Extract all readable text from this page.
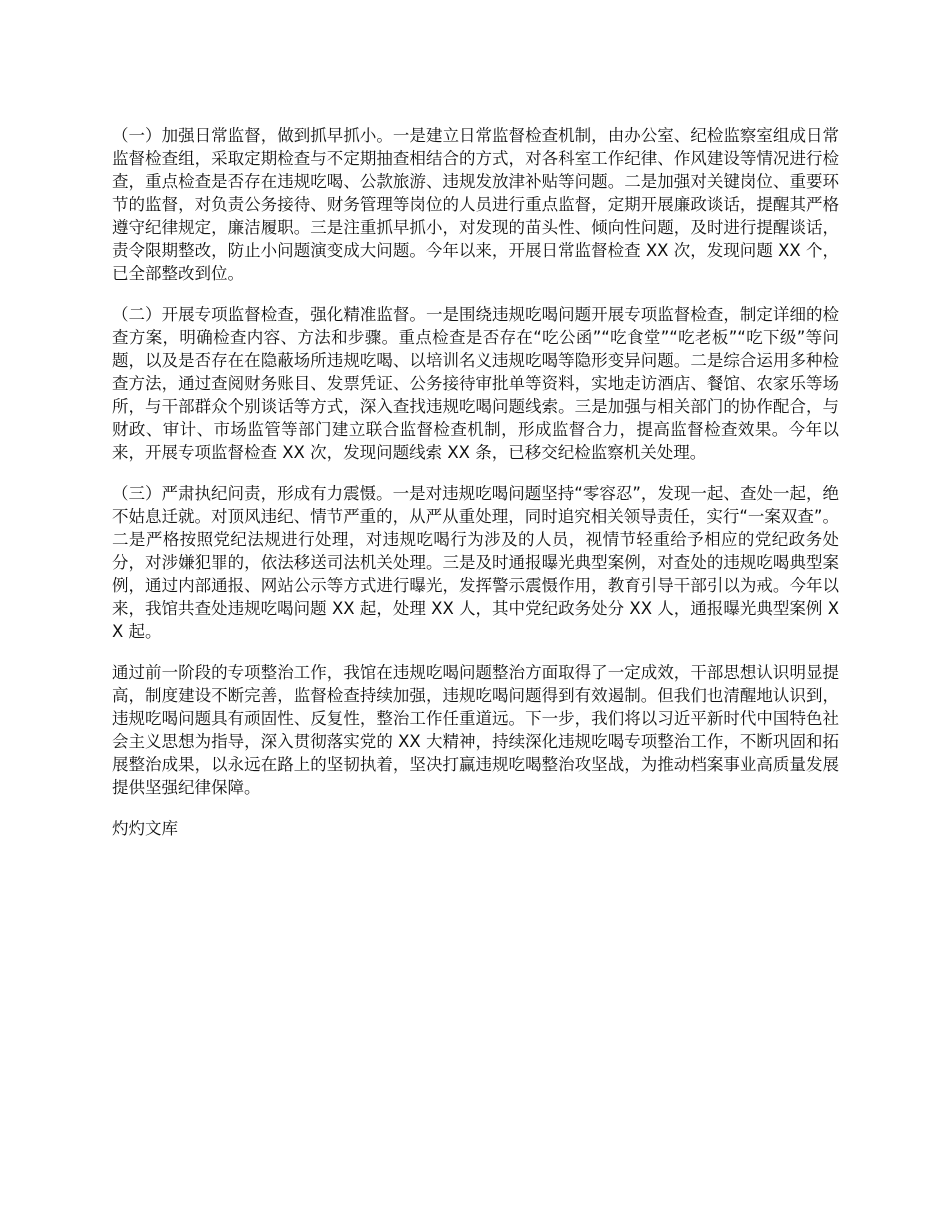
（一）加强日常监督，做到抓早抓小。一是建立日常监督检查机制，由办公室、纪检监察室组成日常监督检查组，采取定期检查与不定期抽查相结合的方式，对各科室工作纪律、作风建设等情况进行检查，重点检查是否存在违规吃喝、公款旅游、违规发放津补贴等问题。二是加强对关键岗位、重要环节的监督，对负责公务接待、财务管理等岗位的人员进行重点监督，定期开展廉政谈话，提醒其严格遵守纪律规定，廉洁履职。三是注重抓早抓小，对发现的苗头性、倾向性问题，及时进行提醒谈话，责令限期整改，防止小问题演变成大问题。今年以来，开展日常监督检查 XX 次，发现问题 XX 个，已全部整改到位。

（二）开展专项监督检查，强化精准监督。一是围绕违规吃喝问题开展专项监督检查，制定详细的检查方案，明确检查内容、方法和步骤。重点检查是否存在“吃公函”“吃食堂”“吃老板”“吃下级”等问题，以及是否存在在隐蔽场所违规吃喝、以培训名义违规吃喝等隐形变异问题。二是综合运用多种检查方法，通过查阅财务账目、发票凭证、公务接待审批单等资料，实地走访酒店、餐馆、农家乐等场所，与干部群众个别谈话等方式，深入查找违规吃喝问题线索。三是加强与相关部门的协作配合，与财政、审计、市场监管等部门建立联合监督检查机制，形成监督合力，提高监督检查效果。今年以来，开展专项监督检查 XX 次，发现问题线索 XX 条，已移交纪检监察机关处理。

（三）严肃执纪问责，形成有力震慑。一是对违规吃喝问题坚持“零容忍”，发现一起、查处一起，绝不姑息迁就。对顶风违纪、情节严重的，从严从重处理，同时追究相关领导责任，实行“一案双查”。二是严格按照党纪法规进行处理，对违规吃喝行为涉及的人员，视情节轻重给予相应的党纪政务处分，对涉嫌犯罪的，依法移送司法机关处理。三是及时通报曝光典型案例，对查处的违规吃喝典型案例，通过内部通报、网站公示等方式进行曝光，发挥警示震慑作用，教育引导干部引以为戒。今年以来，我馆共查处违规吃喝问题 XX 起，处理 XX 人，其中党纪政务处分 XX 人，通报曝光典型案例 XX 起。

通过前一阶段的专项整治工作，我馆在违规吃喝问题整治方面取得了一定成效，干部思想认识明显提高，制度建设不断完善，监督检查持续加强，违规吃喝问题得到有效遏制。但我们也清醒地认识到，违规吃喝问题具有顽固性、反复性，整治工作任重道远。下一步，我们将以习近平新时代中国特色社会主义思想为指导，深入贯彻落实党的 XX 大精神，持续深化违规吃喝专项整治工作，不断巩固和拓展整治成果，以永远在路上的坚韧执着，坚决打赢违规吃喝整治攻坚战，为推动档案事业高质量发展提供坚强纪律保障。

灼灼文库
